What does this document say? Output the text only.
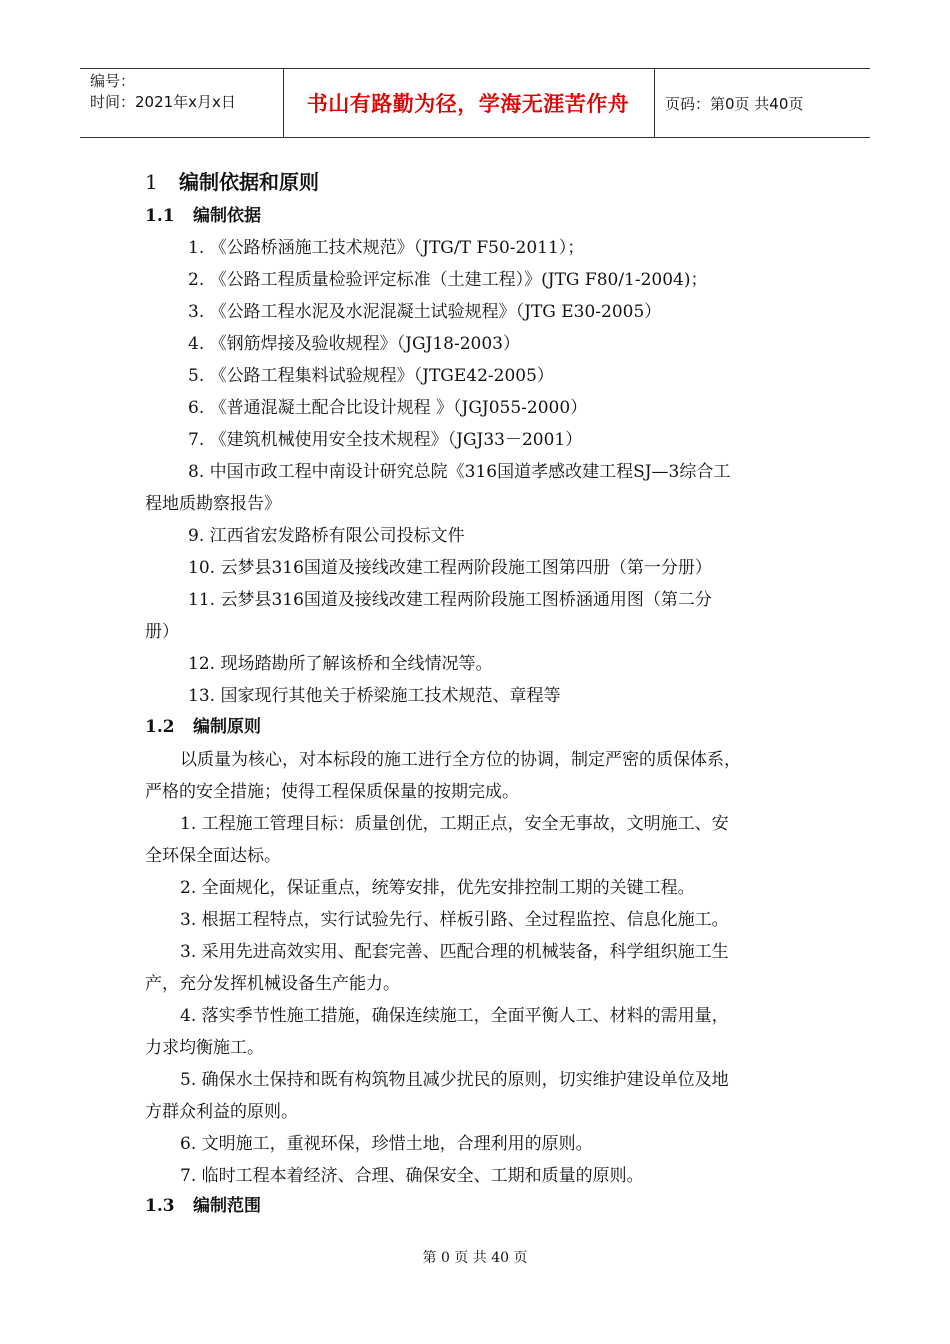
编号：
时间：2021年x月x日	书山有路勤为径，学海无涯苦作舟	页码：第0页 共40页
1 编制依据和原则
1.1 编制依据
1. 《公路桥涵施工技术规范》（JTG/T F50-2011）；
2. 《公路工程质量检验评定标准（土建工程）》(JTG F80/1-2004)；
3. 《公路工程水泥及水泥混凝土试验规程》（JTG E30-2005）
4. 《钢筋焊接及验收规程》（JGJ18-2003）
5. 《公路工程集料试验规程》（JTGE42-2005）
6. 《普通混凝土配合比设计规程 》（JGJ055-2000）
7. 《建筑机械使用安全技术规程》（JGJ33－2001）
8. 中国市政工程中南设计研究总院《316国道孝感改建工程SJ—3综合工
程地质勘察报告》
9. 江西省宏发路桥有限公司投标文件
10. 云梦县316国道及接线改建工程两阶段施工图第四册（第一分册）
11. 云梦县316国道及接线改建工程两阶段施工图桥涵通用图（第二分
册）
12. 现场踏勘所了解该桥和全线情况等。
13. 国家现行其他关于桥梁施工技术规范、章程等
1.2 编制原则
以质量为核心，对本标段的施工进行全方位的协调，制定严密的质保体系，
严格的安全措施；使得工程保质保量的按期完成。
1. 工程施工管理目标：质量创优，工期正点，安全无事故，文明施工、安
全环保全面达标。
2. 全面规化，保证重点，统筹安排，优先安排控制工期的关键工程。
3. 根据工程特点，实行试验先行、样板引路、全过程监控、信息化施工。
3. 采用先进高效实用、配套完善、匹配合理的机械装备，科学组织施工生
产，充分发挥机械设备生产能力。
4. 落实季节性施工措施，确保连续施工，全面平衡人工、材料的需用量，
力求均衡施工。
5. 确保水土保持和既有构筑物且减少扰民的原则，切实维护建设单位及地
方群众利益的原则。
6. 文明施工，重视环保，珍惜土地，合理利用的原则。
7. 临时工程本着经济、合理、确保安全、工期和质量的原则。
1.3 编制范围
第 0 页 共 40 页
